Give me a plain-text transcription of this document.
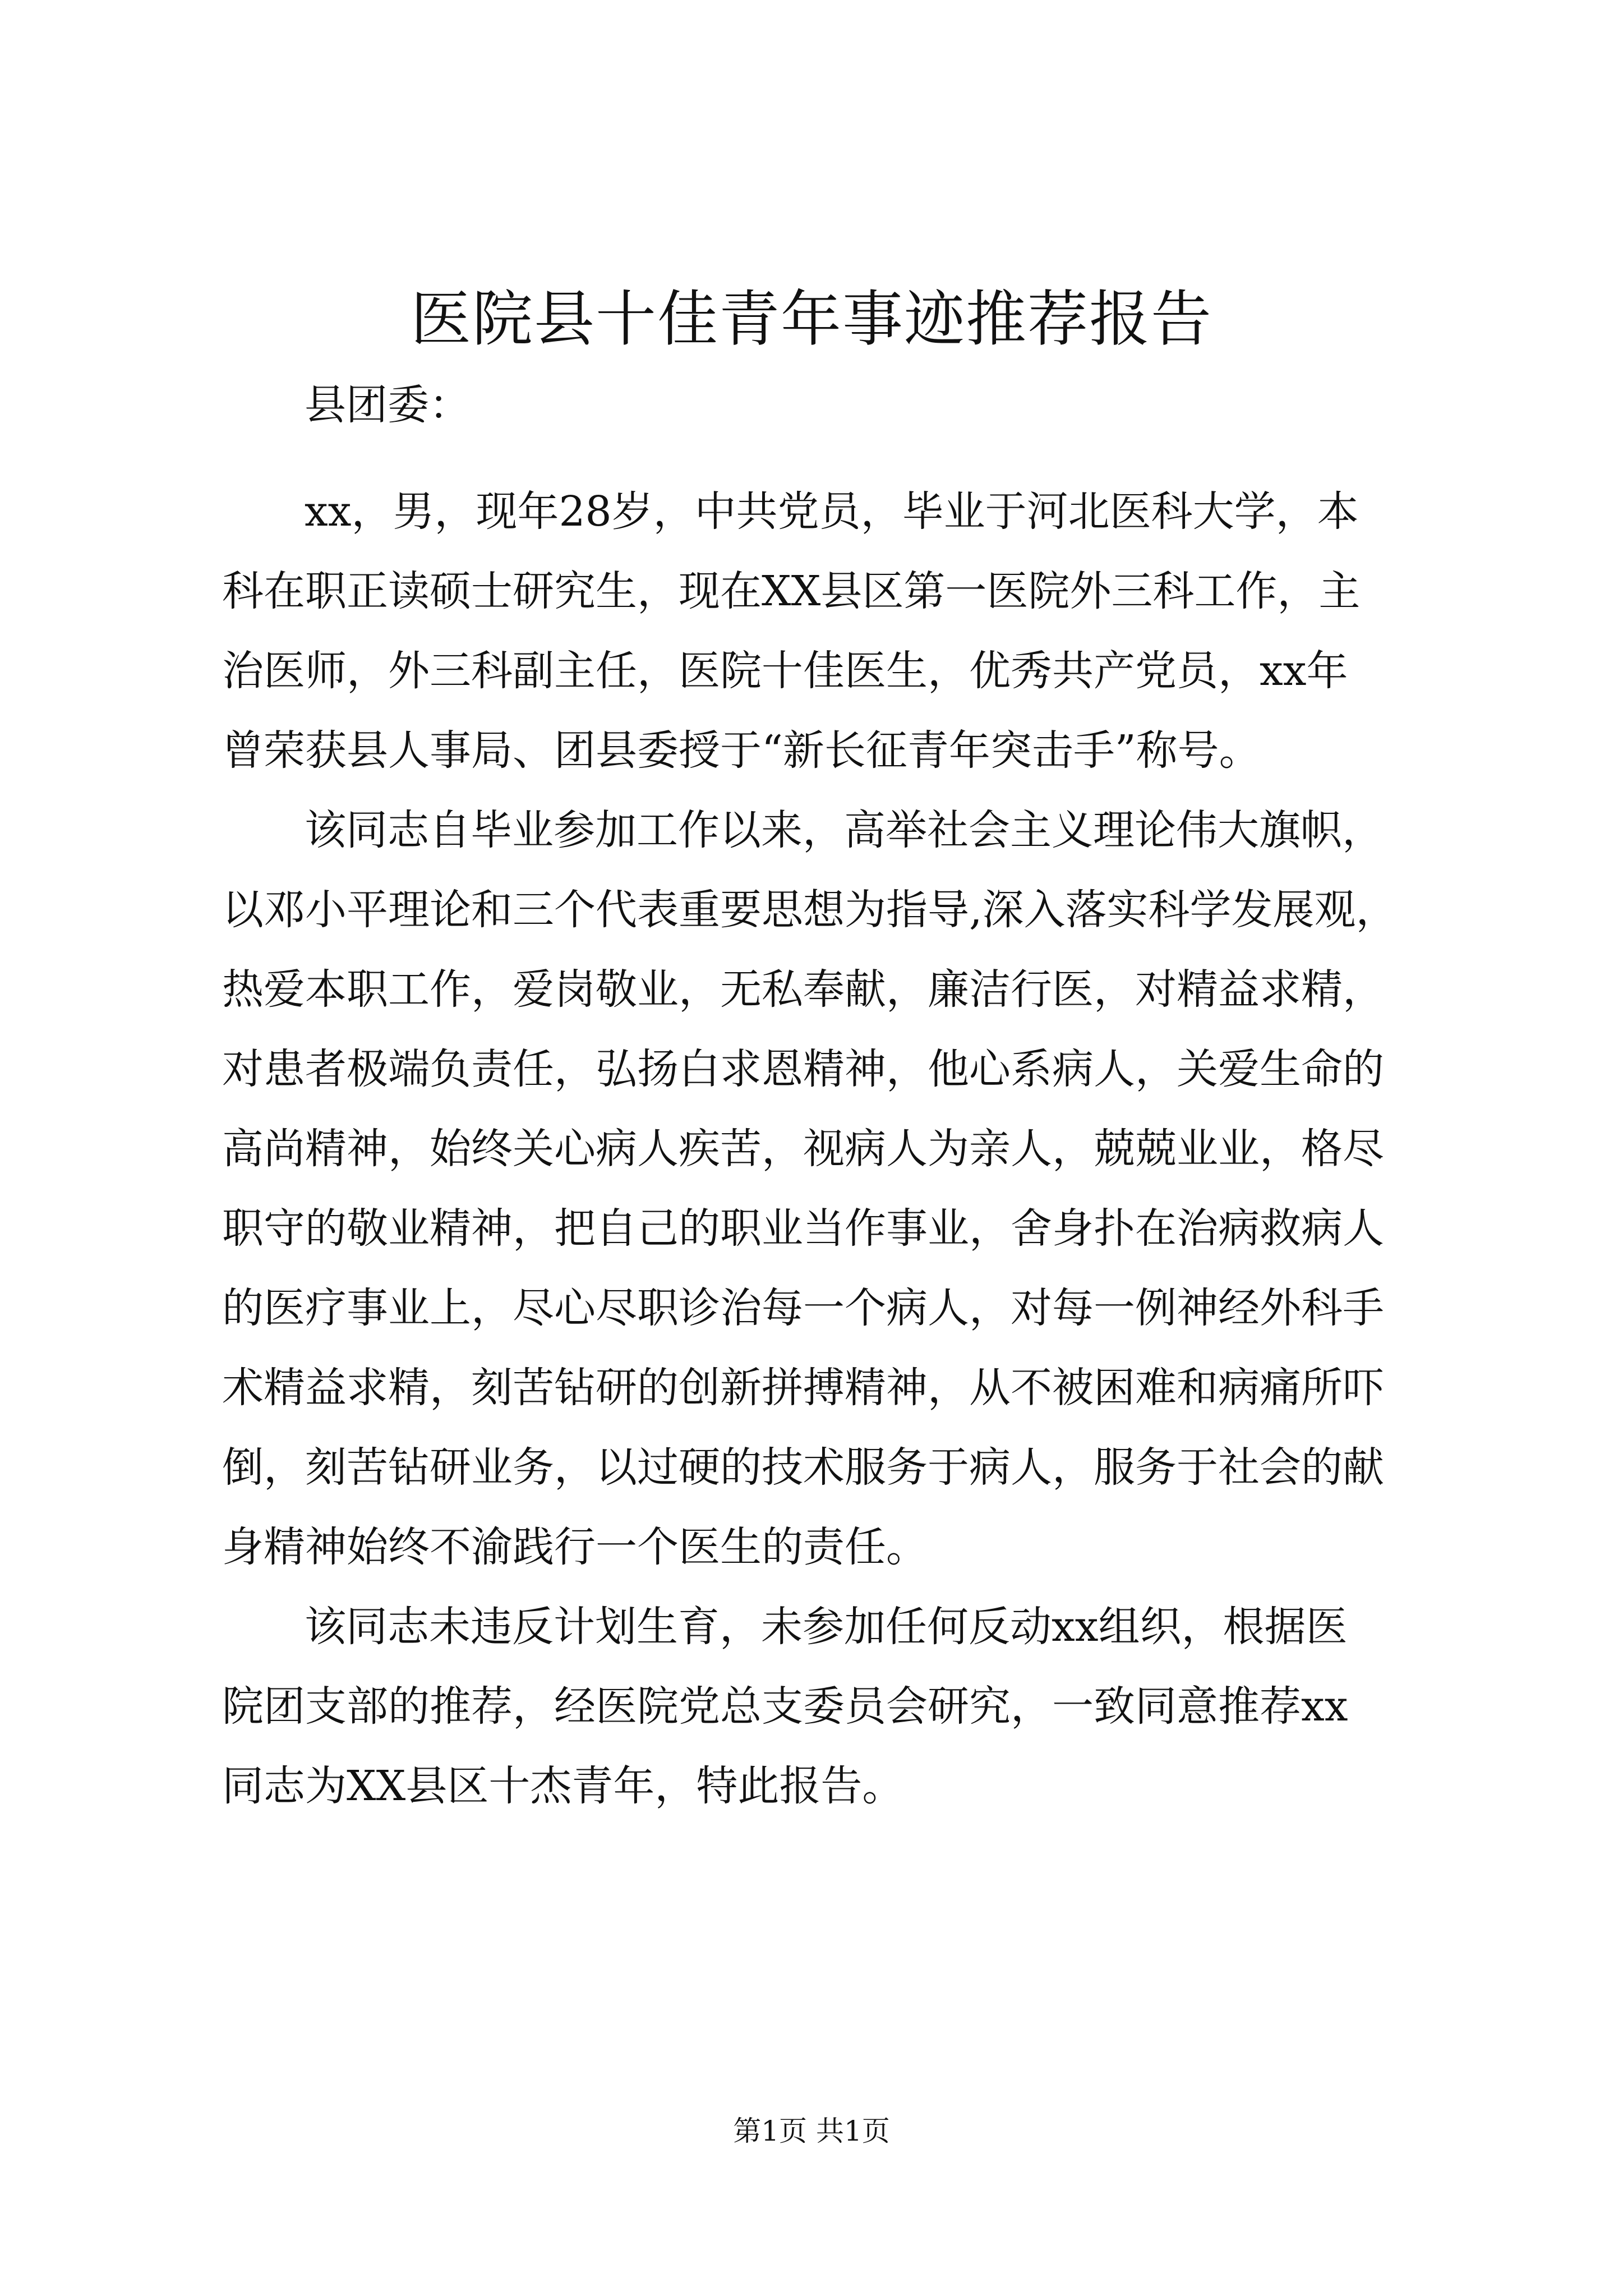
医院县十佳青年事迹推荐报告

县团委：

xx，男，现年28岁，中共党员，毕业于河北医科大学，本

科在职正读硕士研究生，现在XX县区第一医院外三科工作，主

治医师，外三科副主任，医院十佳医生，优秀共产党员，xx年

曾荣获县人事局、团县委授于“新长征青年突击手”称号。

该同志自毕业参加工作以来，高举社会主义理论伟大旗帜，

以邓小平理论和三个代表重要思想为指导,深入落实科学发展观，

热爱本职工作，爱岗敬业，无私奉献，廉洁行医，对精益求精，

对患者极端负责任，弘扬白求恩精神，他心系病人，关爱生命的

高尚精神，始终关心病人疾苦，视病人为亲人，兢兢业业，格尽

职守的敬业精神，把自己的职业当作事业，舍身扑在治病救病人

的医疗事业上，尽心尽职诊治每一个病人，对每一例神经外科手

术精益求精，刻苦钻研的创新拼搏精神，从不被困难和病痛所吓

倒，刻苦钻研业务，以过硬的技术服务于病人，服务于社会的献

身精神始终不渝践行一个医生的责任。

该同志未违反计划生育，未参加任何反动xx组织，根据医

院团支部的推荐，经医院党总支委员会研究，一致同意推荐xx

同志为XX县区十杰青年，特此报告。

第1页 共1页
